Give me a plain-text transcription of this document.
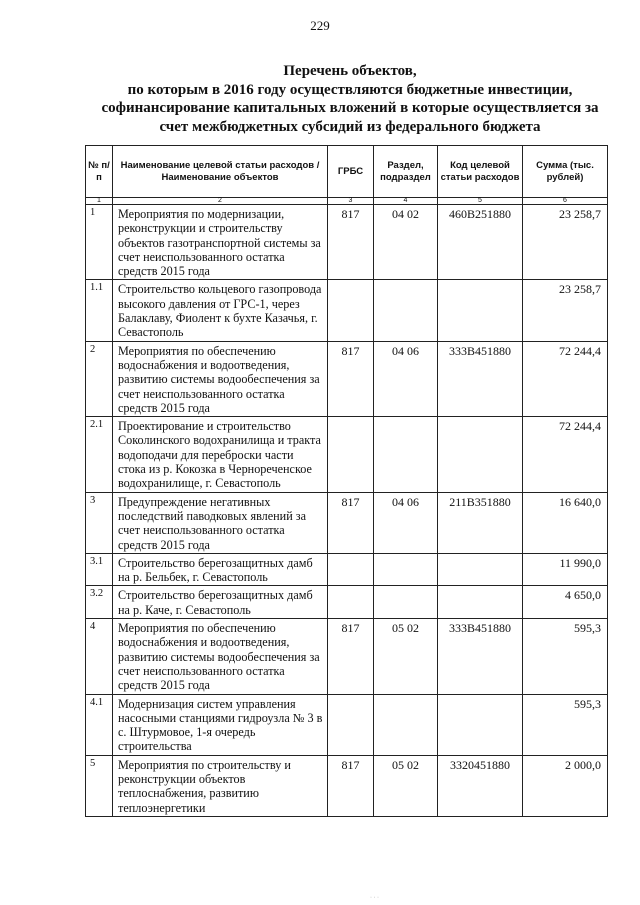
229
Перечень объектов,
по которым в 2016 году осуществляются бюджетные инвестиции,
софинансирование капитальных вложений в которые осуществляется за
счет межбюджетных субсидий из федерального бюджета
№ п/п	Наименование целевой статьи расходов / Наименование объектов	ГРБС	Раздел, подраздел	Код целевой статьи расходов	Сумма (тыс. рублей)
1	2	3	4	5	6
1	Мероприятия по модернизации, реконструкции и строительству объектов газотранспортной системы за счет неиспользованного остатка средств 2015 года	817	04 02	460В251880	23 258,7
1.1	Строительство кольцевого газопровода высокого давления от ГРС-1, через Балаклаву, Фиолент к бухте Казачья, г. Севастополь				23 258,7
2	Мероприятия по обеспечению водоснабжения и водоотведения, развитию системы водообеспечения за счет неиспользованного остатка средств 2015 года	817	04 06	333В451880	72 244,4
2.1	Проектирование и строительство Соколинского водохранилища и тракта водоподачи для переброски части стока из р. Кокозка в Чернореченское водохранилище, г. Севастополь				72 244,4
3	Предупреждение негативных последствий паводковых явлений за счет неиспользованного остатка средств 2015 года	817	04 06	211В351880	16 640,0
3.1	Строительство берегозащитных дамб на р. Бельбек, г. Севастополь				11 990,0
3.2	Строительство берегозащитных дамб на р. Каче, г. Севастополь				4 650,0
4	Мероприятия по обеспечению водоснабжения и водоотведения, развитию системы водообеспечения за счет неиспользованного остатка средств 2015 года	817	05 02	333В451880	595,3
4.1	Модернизация систем управления насосными станциями гидроузла № 3 в с. Штурмовое, 1-я очередь строительства				595,3
5	Мероприятия по строительству и реконструкции объектов теплоснабжения, развитию теплоэнергетики	817	05 02	3320451880	2 000,0
· · ·
